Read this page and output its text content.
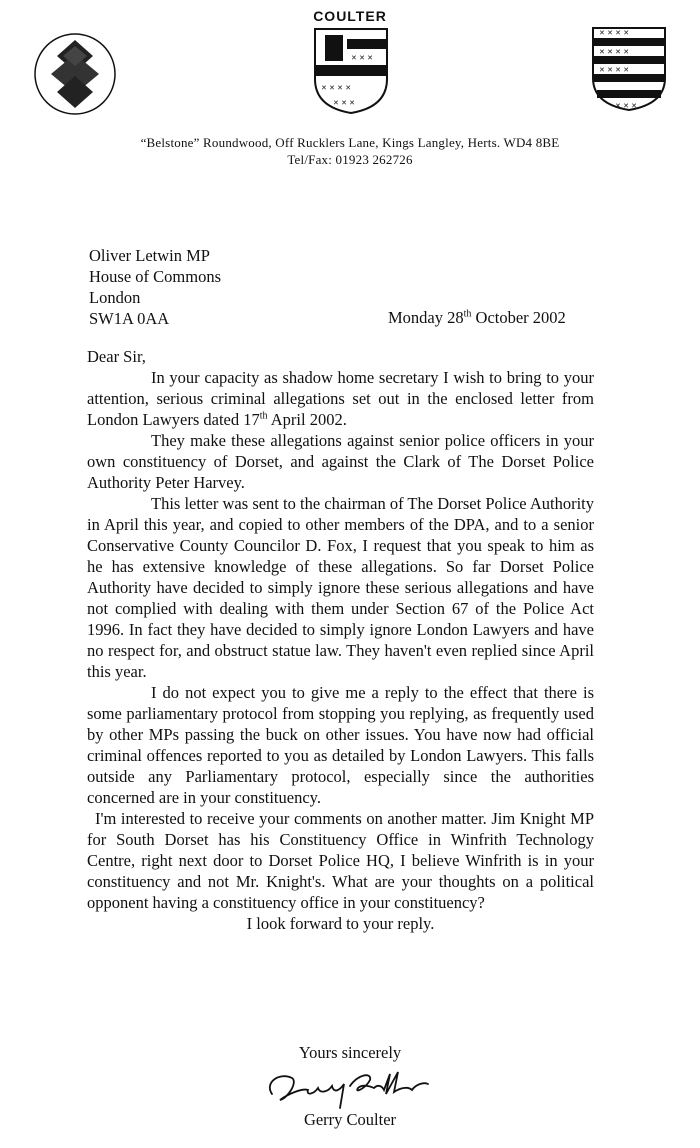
COULTER
✕ ✕ ✕
✕ ✕ ✕ ✕
✕ ✕ ✕
✕ ✕ ✕ ✕
✕ ✕ ✕ ✕
✕ ✕ ✕ ✕
✕ ✕ ✕
“Belstone” Roundwood, Off Rucklers Lane, Kings Langley, Herts. WD4 8BE
Tel/Fax: 01923 262726
Oliver Letwin MP
House of Commons
London
SW1A 0AA	Monday 28th October 2002

Dear Sir,

In your capacity as shadow home secretary I wish to bring to your attention, serious criminal allegations set out in the enclosed letter from London Lawyers dated 17th April 2002.

They make these allegations against senior police officers in your own constituency of Dorset, and against the Clark of The Dorset Police Authority Peter Harvey.

This letter was sent to the chairman of The Dorset Police Authority in April this year, and copied to other members of the DPA, and to a senior Conservative County Councilor D. Fox, I request that you speak to him as he has extensive knowledge of these allegations. So far Dorset Police Authority have decided to simply ignore these serious allegations and have not complied with dealing with them under Section 67 of the Police Act 1996. In fact they have decided to simply ignore London Lawyers and have no respect for, and obstruct statue law. They haven't even replied since April this year.

I do not expect you to give me a reply to the effect that there is some parliamentary protocol from stopping you replying, as frequently used by other MPs passing the buck on other issues. You have now had official criminal offences reported to you as detailed by London Lawyers. This falls outside any Parliamentary protocol, especially since the authorities concerned are in your constituency.

I'm interested to receive your comments on another matter. Jim Knight MP for South Dorset has his Constituency Office in Winfrith Technology Centre, right next door to Dorset Police HQ, I believe Winfrith is in your constituency and not Mr. Knight's. What are your thoughts on a political opponent having a constituency office in your constituency?

I look forward to your reply.

Yours sincerely
Gerry Coulter
Gerry Coulter
